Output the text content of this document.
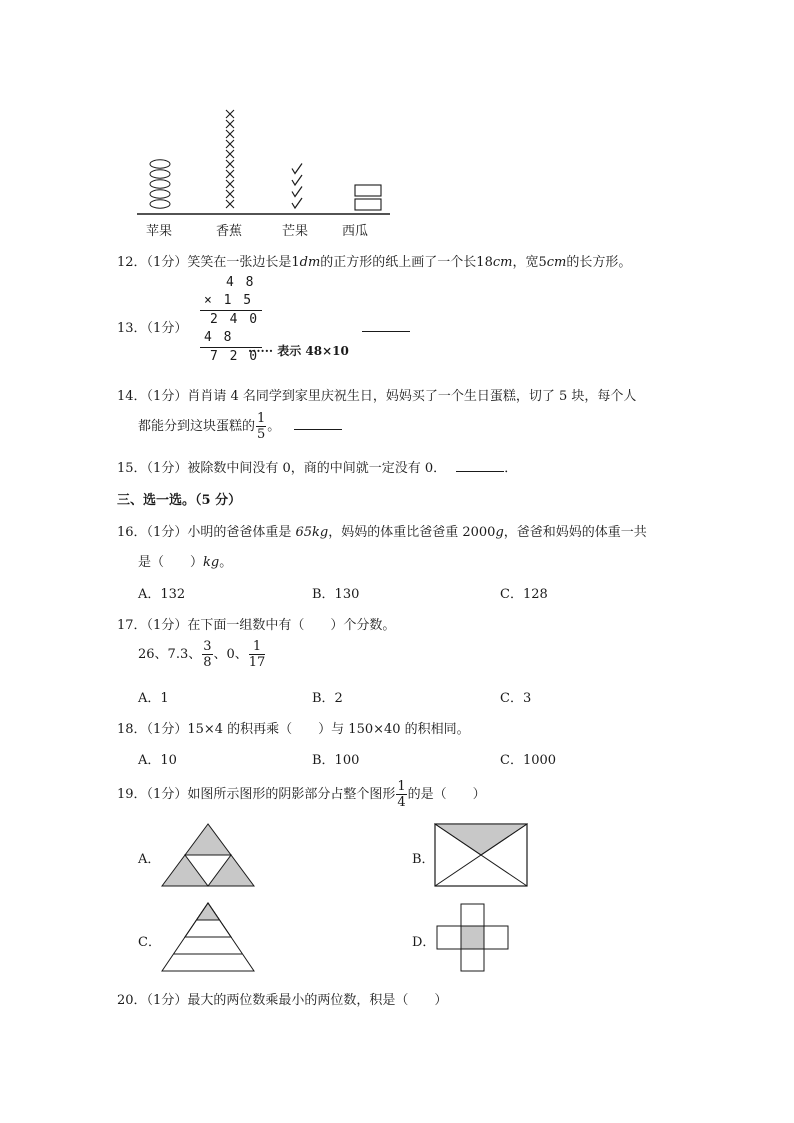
苹果	香蕉	芒果	西瓜
12．（1分）笑笑在一张边长是1dm的正方形的纸上画了一个长18cm，宽5cm的长方形。
13．（1分）
4 8
× 1 5
2 4 0
4 8
7 2 0
······ 表示 48×10
14．（1分）肖肖请 4 名同学到家里庆祝生日，妈妈买了一个生日蛋糕，切了 5 块，每个人
都能分到这块蛋糕的 $\frac{1}{5}$ 。
15．（1分）被除数中间没有 0，商的中间就一定没有 0．	．
三、选一选。（5 分）
16．（1分）小明的爸爸体重是 65kg，妈妈的体重比爸爸重 2000g，爸爸和妈妈的体重一共
是（　　）kg。
A．132	B．130	C．128
17．（1分）在下面一组数中有（　　）个分数。
26、7.3、 $\frac{3}{8}$ 、0、 $\frac{1}{17}$
A．1	B．2	C．3
18．（1分）15×4 的积再乘（　　）与 150×40 的积相同。
A．10	B．100	C．1000
19．（1分）如图所示图形的阴影部分占整个图形 $\frac{1}{4}$ 的是（　　）
A．	B．
C．	D．
20．（1分）最大的两位数乘最小的两位数，积是（　　）
